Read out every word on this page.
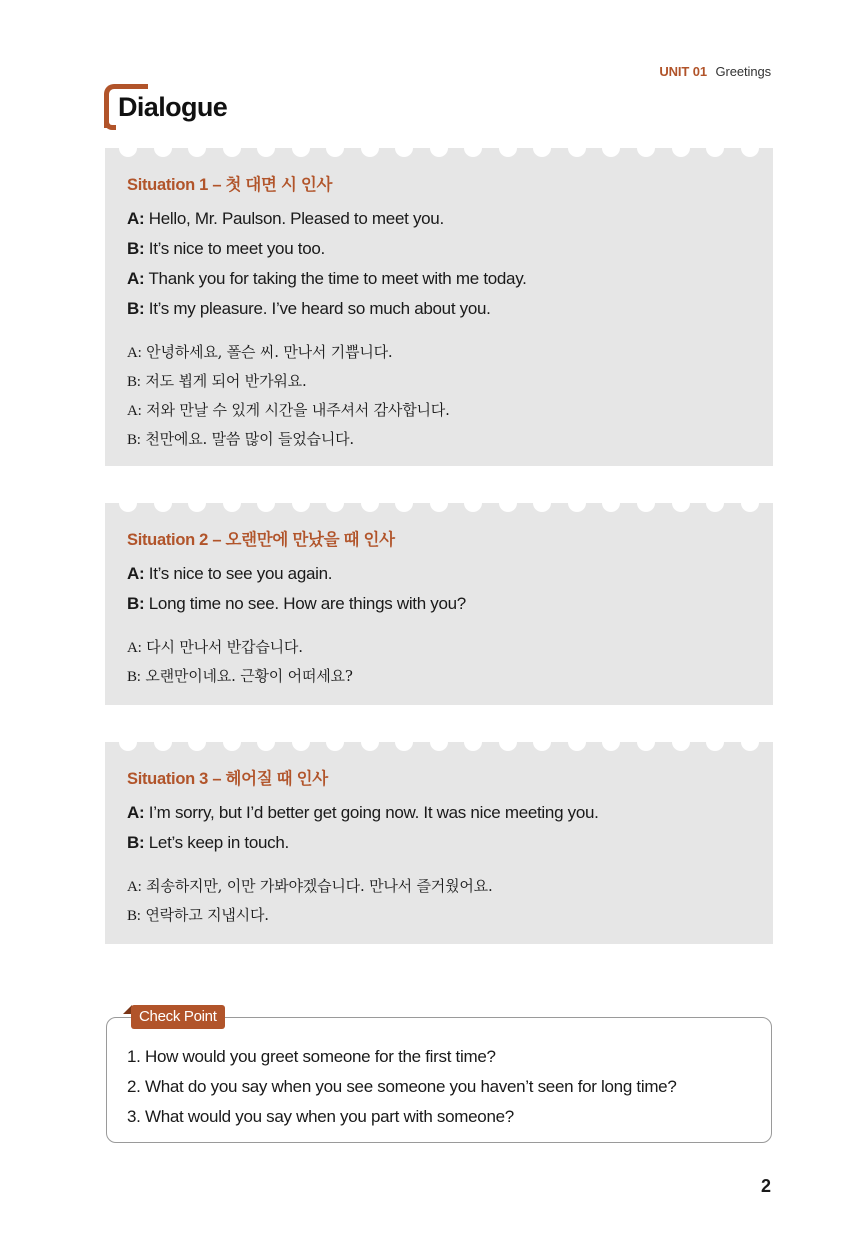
UNIT 01 Greetings
Dialogue
Situation 1 – 첫 대면 시 인사
A: Hello, Mr. Paulson. Pleased to meet you.
B: It’s nice to meet you too.
A: Thank you for taking the time to meet with me today.
B: It’s my pleasure. I’ve heard so much about you.
A: 안녕하세요, 폴슨 씨. 만나서 기쁩니다.
B: 저도 뵙게 되어 반가워요.
A: 저와 만날 수 있게 시간을 내주셔서 감사합니다.
B: 천만에요. 말씀 많이 들었습니다.
Situation 2 – 오랜만에 만났을 때 인사
A: It’s nice to see you again.
B: Long time no see. How are things with you?
A: 다시 만나서 반갑습니다.
B: 오랜만이네요. 근황이 어떠세요?
Situation 3 – 헤어질 때 인사
A: I’m sorry, but I’d better get going now. It was nice meeting you.
B: Let’s keep in touch.
A: 죄송하지만, 이만 가봐야겠습니다. 만나서 즐거웠어요.
B: 연락하고 지냅시다.
Check Point
1. How would you greet someone for the first time?
2. What do you say when you see someone you haven’t seen for long time?
3. What would you say when you part with someone?
2
